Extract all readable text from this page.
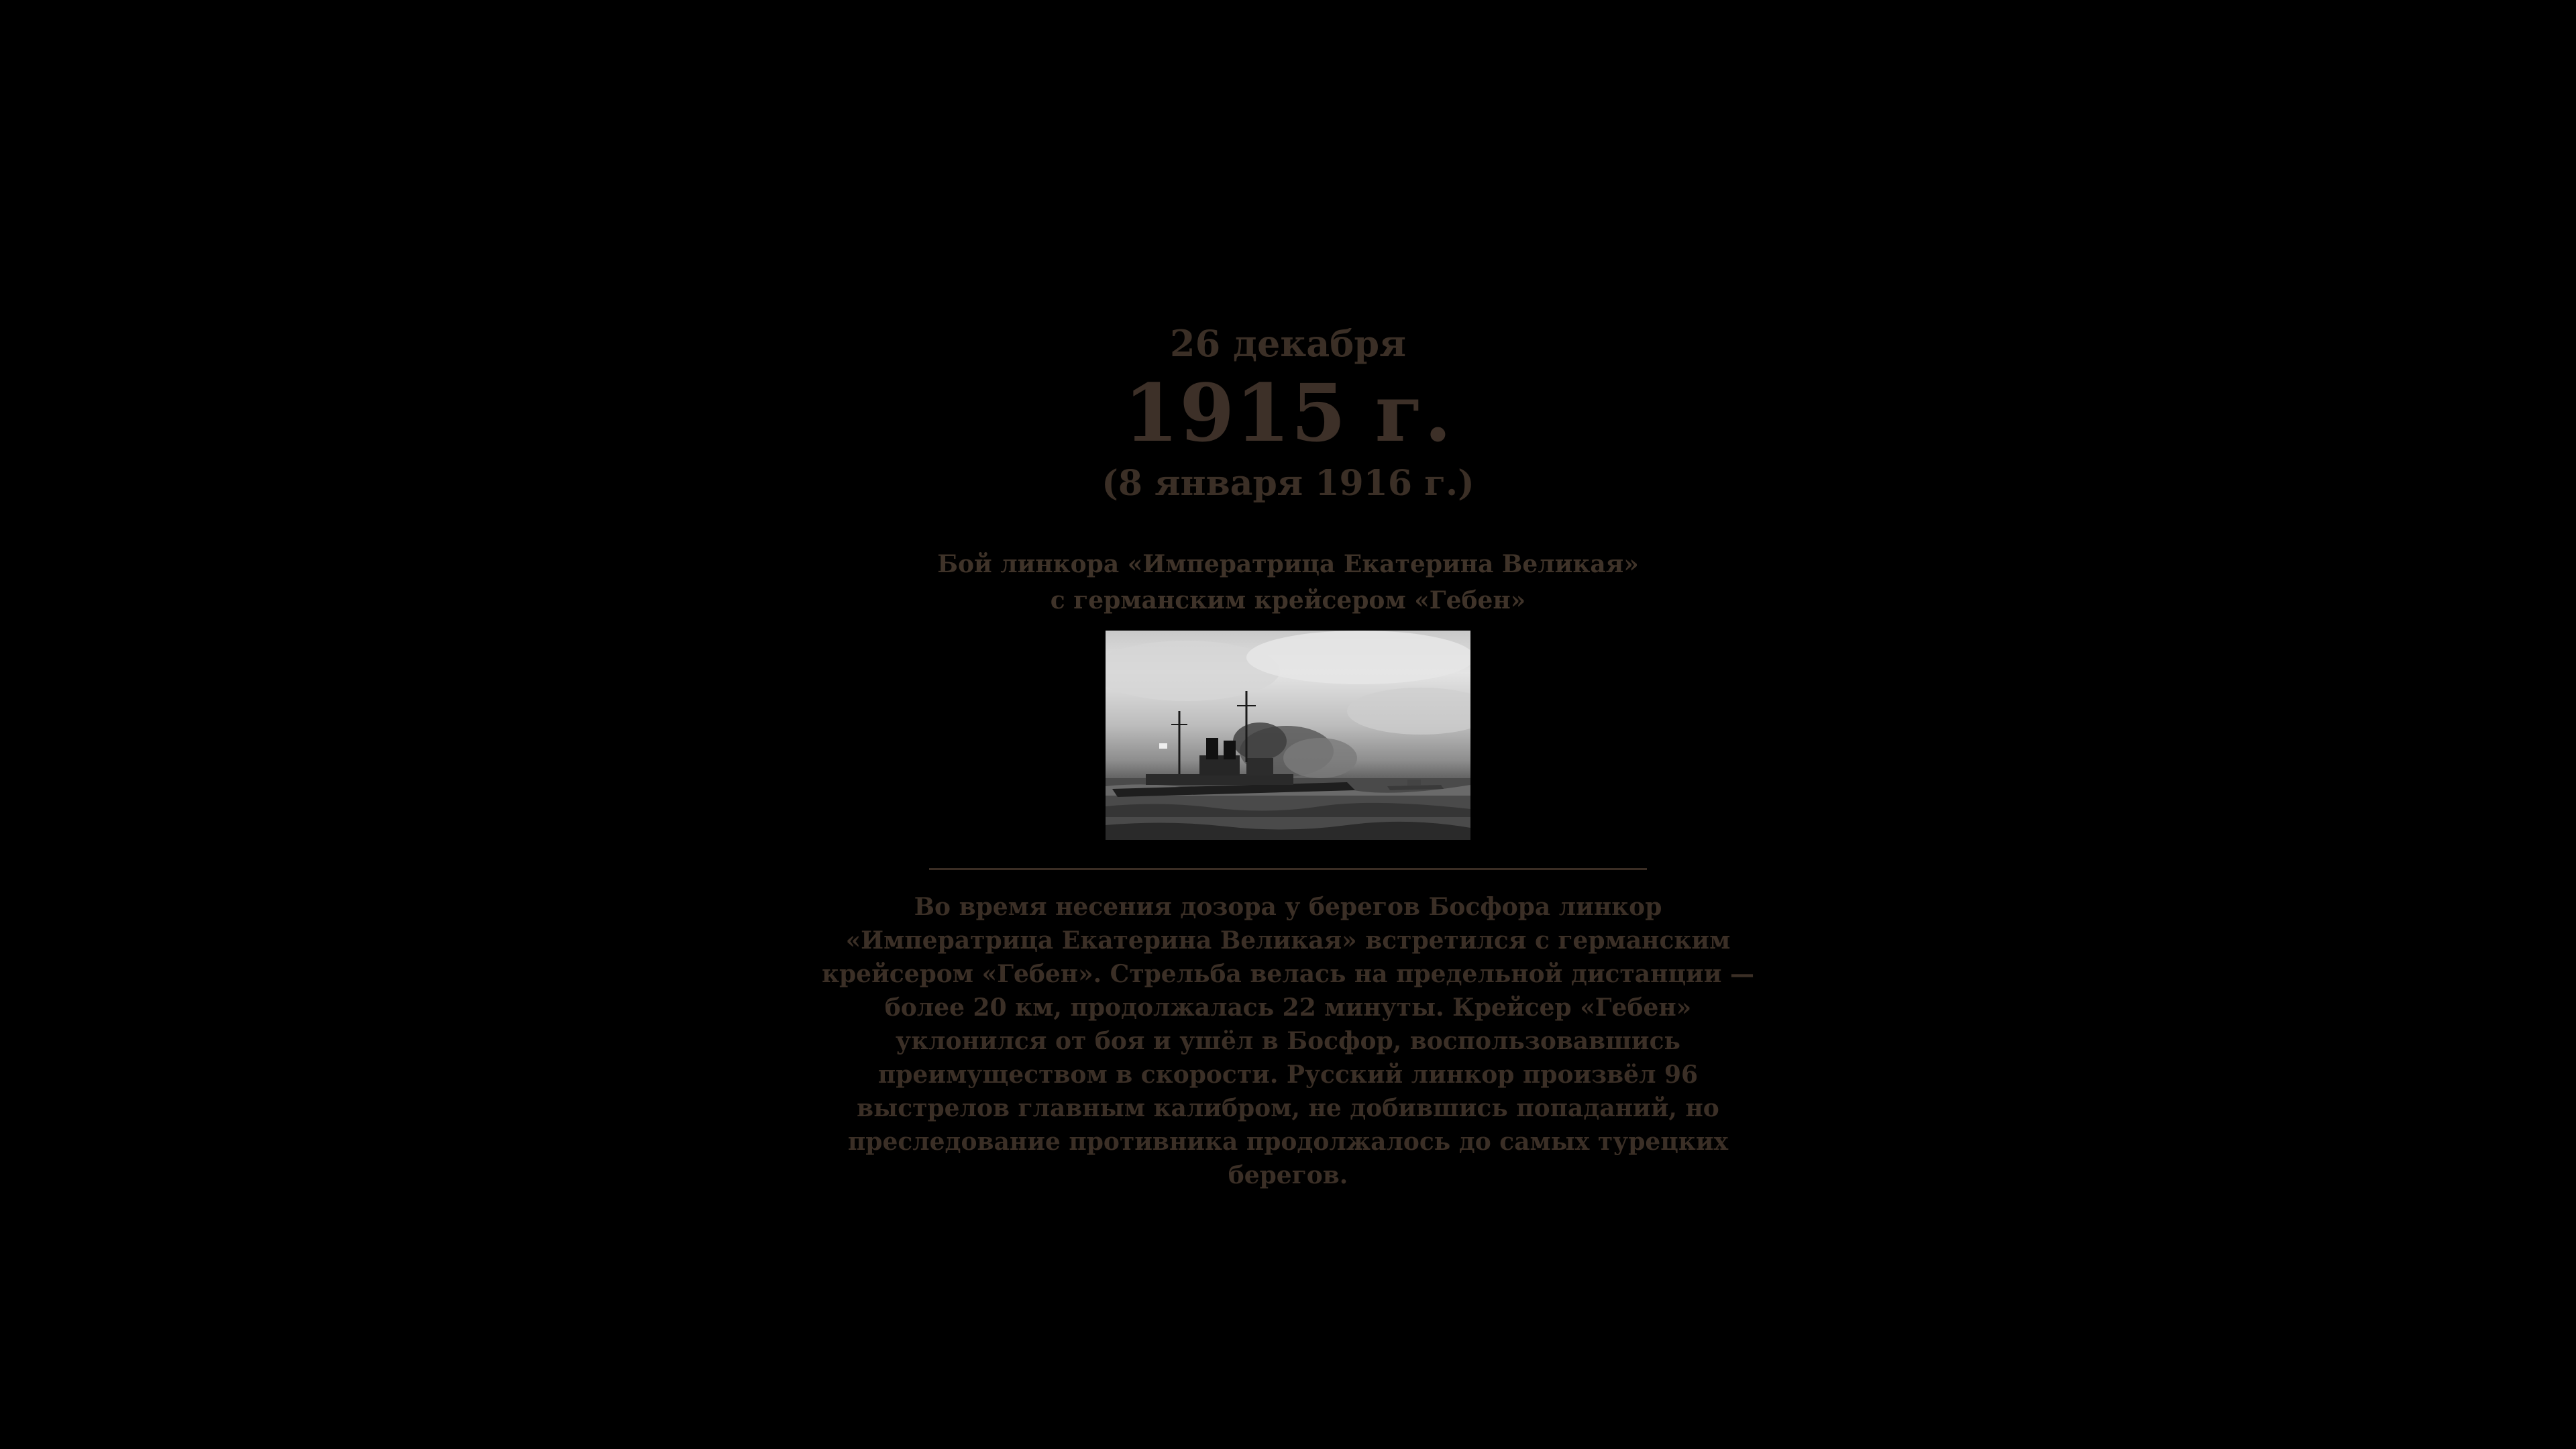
26 декабря
1915 г.
(8 января 1916 г.)
Бой линкора «Императрица Екатерина Великая»
с германским крейсером «Гебен»
Во время несения дозора у берегов Босфора линкор «Императрица Екатерина Великая» встретился с германским крейсером «Гебен». Стрельба велась на предельной дистанции — более 20 км, продолжалась 22 минуты. Крейсер «Гебен» уклонился от боя и ушёл в Босфор, воспользовавшись преимуществом в скорости. Русский линкор произвёл 96 выстрелов главным калибром, не добившись попаданий, но преследование противника продолжалось до самых турецких берегов.
